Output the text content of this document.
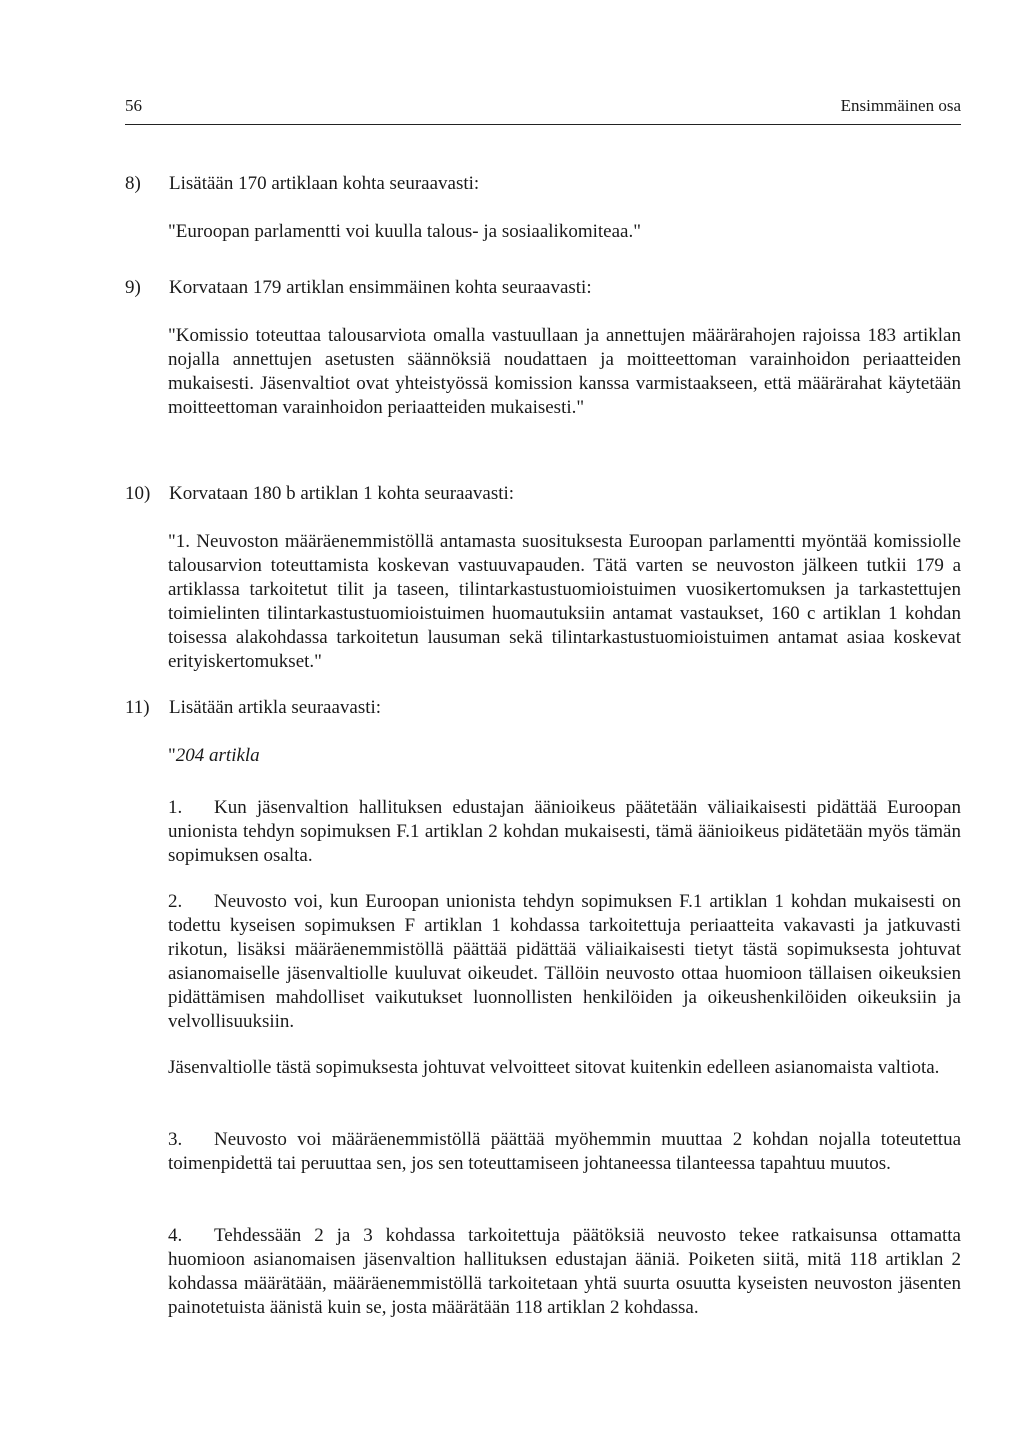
56	Ensimmäinen osa

8) Lisätään 170 artiklaan kohta seuraavasti:

"Euroopan parlamentti voi kuulla talous- ja sosiaalikomiteaa."

9) Korvataan 179 artiklan ensimmäinen kohta seuraavasti:

"Komissio toteuttaa talousarviota omalla vastuullaan ja annettujen määrärahojen rajoissa 183 artiklan nojalla annettujen asetusten säännöksiä noudattaen ja moitteettoman varainhoidon periaatteiden mukaisesti. Jäsenvaltiot ovat yhteistyössä komission kanssa varmistaakseen, että määrärahat käytetään moitteettoman varainhoidon periaatteiden mukaisesti."

10) Korvataan 180 b artiklan 1 kohta seuraavasti:

"1. Neuvoston määräenemmistöllä antamasta suosituksesta Euroopan parlamentti myöntää komissiolle talousarvion toteuttamista koskevan vastuuvapauden. Tätä varten se neuvoston jälkeen tutkii 179 a artiklassa tarkoitetut tilit ja taseen, tilintarkastustuomioistuimen vuosikertomuksen ja tarkastettujen toimielinten tilintarkastustuomioistuimen huomautuksiin antamat vastaukset, 160 c artiklan 1 kohdan toisessa alakohdassa tarkoitetun lausuman sekä tilintarkastustuomioistuimen antamat asiaa koskevat erityiskertomukset."

11) Lisätään artikla seuraavasti:

"204 artikla

1. Kun jäsenvaltion hallituksen edustajan äänioikeus päätetään väliaikaisesti pidättää Euroopan unionista tehdyn sopimuksen F.1 artiklan 2 kohdan mukaisesti, tämä äänioikeus pidätetään myös tämän sopimuksen osalta.

2. Neuvosto voi, kun Euroopan unionista tehdyn sopimuksen F.1 artiklan 1 kohdan mukaisesti on todettu kyseisen sopimuksen F artiklan 1 kohdassa tarkoitettuja periaatteita vakavasti ja jatkuvasti rikotun, lisäksi määräenemmistöllä päättää pidättää väliaikaisesti tietyt tästä sopimuksesta johtuvat asianomaiselle jäsenvaltiolle kuuluvat oikeudet. Tällöin neuvosto ottaa huomioon tällaisen oikeuksien pidättämisen mahdolliset vaikutukset luonnollisten henkilöiden ja oikeushenkilöiden oikeuksiin ja velvollisuuksiin.

Jäsenvaltiolle tästä sopimuksesta johtuvat velvoitteet sitovat kuitenkin edelleen asianomaista valtiota.

3. Neuvosto voi määräenemmistöllä päättää myöhemmin muuttaa 2 kohdan nojalla toteutettua toimenpidettä tai peruuttaa sen, jos sen toteuttamiseen johtaneessa tilanteessa tapahtuu muutos.

4. Tehdessään 2 ja 3 kohdassa tarkoitettuja päätöksiä neuvosto tekee ratkaisunsa ottamatta huomioon asianomaisen jäsenvaltion hallituksen edustajan ääniä. Poiketen siitä, mitä 118 artiklan 2 kohdassa määrätään, määräenemmistöllä tarkoitetaan yhtä suurta osuutta kyseisten neuvoston jäsenten painotetuista äänistä kuin se, josta määrätään 118 artiklan 2 kohdassa.
